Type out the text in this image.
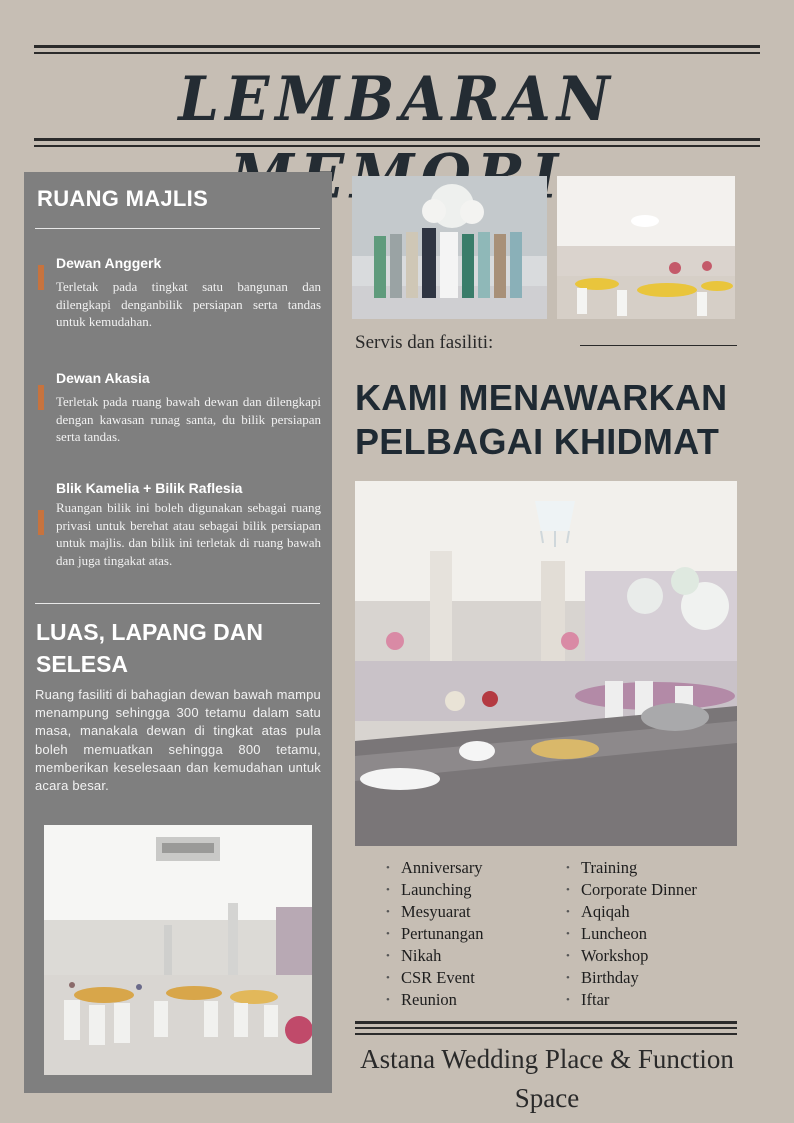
LEMBARAN
RUANG MAJLIS
Dewan Anggerk
Terletak pada tingkat satu bangunan dan dilengkapi denganbilik persiapan serta tandas untuk kemudahan.
Dewan Akasia
Terletak pada ruang bawah dewan dan dilengkapi dengan kawasan runag santa, du bilik persiapan serta tandas.
Blik Kamelia + Bilik Raflesia
Ruangan bilik ini boleh digunakan sebagai ruang privasi untuk berehat atau sebagai bilik persiapan untuk majlis. dan bilik ini terletak di ruang bawah dan juga tingakat atas.
LUAS, LAPANG DAN SELESA
Ruang fasiliti di bahagian dewan bawah mampu menampung sehingga 300 tetamu dalam satu masa, manakala dewan di tingkat atas pula boleh memuatkan sehingga 800 tetamu, memberikan keselesaan dan kemudahan untuk acara besar.
Servis dan fasiliti:
KAMI MENAWARKAN PELBAGAI KHIDMAT
• Anniversary
• Launching
• Mesyuarat
• Pertunangan
• Nikah
• CSR Event
• Reunion
• Training
• Corporate Dinner
• Aqiqah
• Luncheon
• Workshop
• Birthday
• Iftar
Astana Wedding Place & Function Space
